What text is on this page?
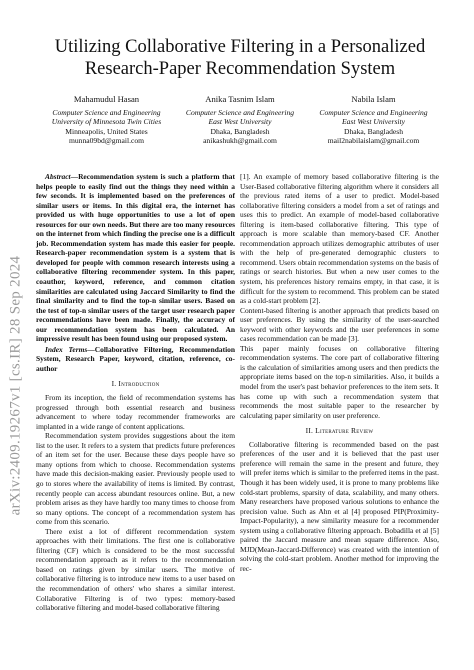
arXiv:2409.19267v1 [cs.IR] 28 Sep 2024
Utilizing Collaborative Filtering in a Personalized
Research-Paper Recommendation System
Mahamudul Hasan
Computer Science and Engineering
University of Minnesota Twin Cities
Minneapolis, United States
munna09bd@gmail.com
Anika Tasnim Islam
Computer Science and Engineering
East West University
Dhaka, Bangladesh
anikashukh@gmail.com
Nabila Islam
Computer Science and Engineering
East West University
Dhaka, Bangladesh
mail2nabilaislam@gmail.com

Abstract—Recommendation system is such a platform that helps people to easily find out the things they need within a few seconds. It is implemented based on the preferences of similar users or items. In this digital era, the internet has provided us with huge opportunities to use a lot of open resources for our own needs. But there are too many resources on the internet from which finding the precise one is a difficult job. Recommendation system has made this easier for people. Research-paper recommendation system is a system that is developed for people with common research interests using a collaborative filtering recommender system. In this paper, coauthor, keyword, reference, and common citation similarities are calculated using Jaccard Similarity to find the final similarity and to find the top-n similar users. Based on the test of top-n similar users of the target user research paper recommendations have been made. Finally, the accuracy of our recommendation system has been calculated. An impressive result has been found using our proposed system.

Index Terms—Collaborative Filtering, Recommendation System, Research Paper, keyword, citation, reference, co-author

I. Introduction

From its inception, the field of recommendation systems has progressed through both essential research and business advancement to where today recommender frameworks are implanted in a wide range of content applications.

Recommendation system provides suggestions about the item list to the user. It refers to a system that predicts future preferences of an item set for the user. Because these days people have so many options from which to choose. Recommendation systems have made this decision-making easier. Previously people used to go to stores where the availability of items is limited. By contrast, recently people can access abundant resources online. But, a new problem arises as they have hardly too many times to choose from so many options. The concept of a recommendation system has come from this scenario.

There exist a lot of different recommendation system approaches with their limitations. The first one is collaborative filtering (CF) which is considered to be the most successful recommendation approach as it refers to the recommendation based on ratings given by similar users. The motive of collaborative filtering is to introduce new items to a user based on the recommendation of others' who shares a similar interest. Collaborative Filtering is of two types: memory-based collaborative filtering and model-based collaborative filtering

[1]. An example of memory based collaborative filtering is the User-Based collaborative filtering algorithm where it considers all the previous rated items of a user to predict. Model-based collaborative filtering considers a model from a set of ratings and uses this to predict. An example of model-based collaborative filtering is item-based collaborative filtering. This type of approach is more scalable than memory-based CF. Another recommendation approach utilizes demographic attributes of user with the help of pre-generated demographic clusters to recommend. Users obtain recommendation systems on the basis of ratings or search histories. But when a new user comes to the system, his preferences history remains empty, in that case, it is difficult for the system to recommend. This problem can be stated as a cold-start problem [2].

Content-based filtering is another approach that predicts based on user preferences. By using the similarity of the user-searched keyword with other keywords and the user preferences in some cases recommendation can be made [3].

This paper mainly focuses on collaborative filtering recommendation systems. The core part of collaborative filtering is the calculation of similarities among users and then predicts the appropriate items based on the top-n similarities. Also, it builds a model from the user's past behavior preferences to the item sets. It has come up with such a recommendation system that recommends the most suitable paper to the researcher by calculating paper similarity on user preference.

II. Literature Review

Collaborative filtering is recommended based on the past preferences of the user and it is believed that the past user preference will remain the same in the present and future, they will prefer items which is similar to the preferred items in the past. Though it has been widely used, it is prone to many problems like cold-start problems, sparsity of data, scalability, and many others. Many researchers have proposed various solutions to enhance the precision value. Such as Ahn et al [4] proposed PIP(Proximity-Impact-Popularity), a new similarity measure for a recommender system using a collaborative filtering approach. Bobadilla et al [5] paired the Jaccard measure and mean square difference. Also, MJD(Mean-Jaccard-Difference) was created with the intention of solving the cold-start problem. Another method for improving the rec-
